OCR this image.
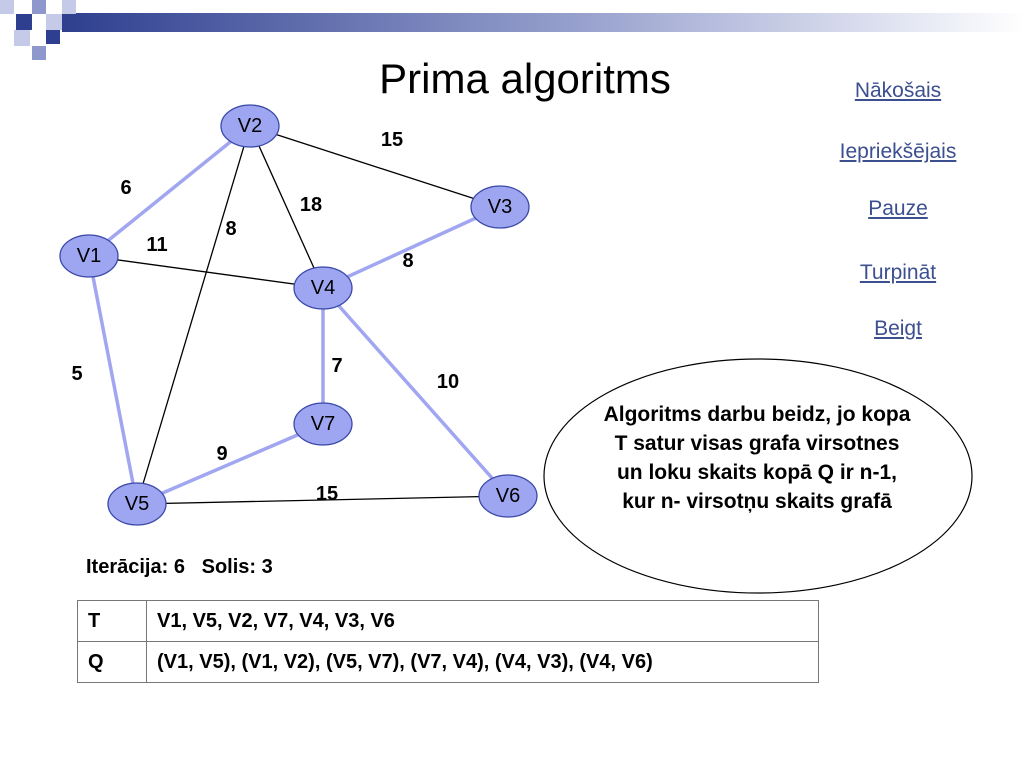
Prima algoritms	Nākošais
Iepriekšējais
Pauze
Turpināt
Beigt
6
11
5
15
18
8
8
7
10
9
15
V1
V2
V3
V4
V5	V6
V7	Algoritms darbu beidz, jo kopa T satur visas grafa virsotnes un loku skaits kopā Q ir n-1, kur n- virsotņu skaits grafā
Iterācija: 6   Solis: 3
T	V1, V5, V2, V7, V4, V3, V6
Q	(V1, V5), (V1, V2), (V5, V7), (V7, V4), (V4, V3), (V4, V6)
